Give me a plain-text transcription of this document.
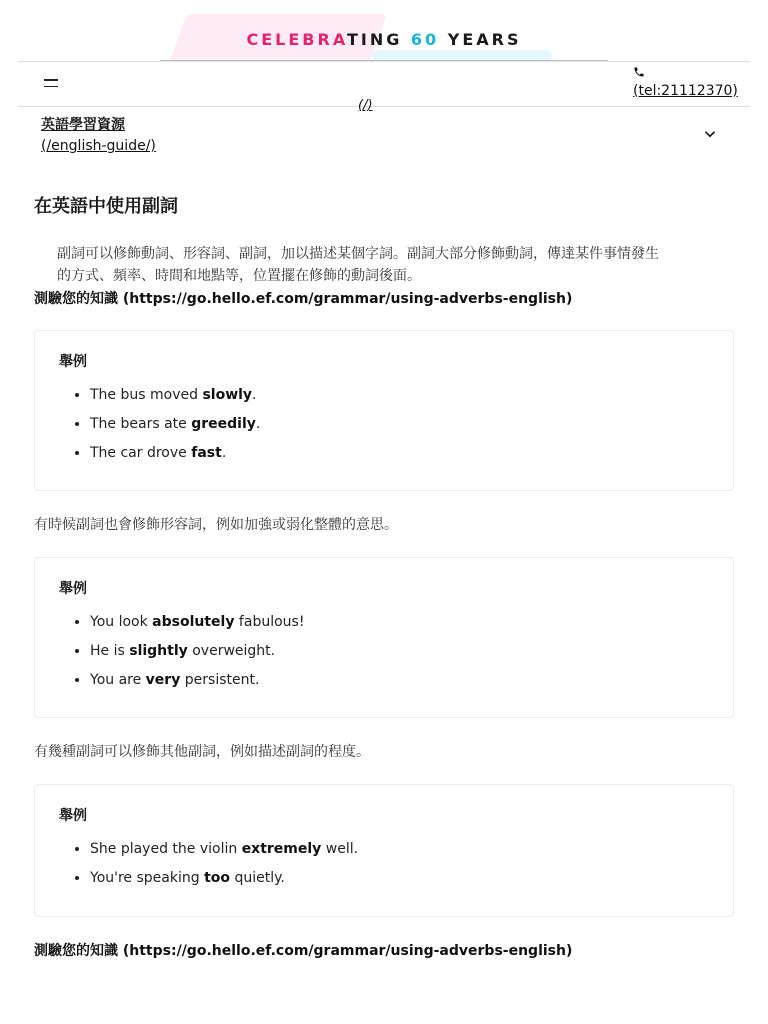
CELEBRATING 60 YEARS
(/)
(tel:21112370)
英語學習資源
(/english-guide/)
在英語中使用副詞

副詞可以修飾動詞、形容詞、副詞，加以描述某個字詞。副詞大部分修飾動詞，傳達某件事情發生的方式、頻率、時間和地點等，位置擺在修飾的動詞後面。

測驗您的知識 (https://go.hello.ef.com/grammar/using-adverbs-english)

舉例

• The bus moved slowly.
• The bears ate greedily.
• The car drove fast.

有時候副詞也會修飾形容詞，例如加強或弱化整體的意思。

舉例

• You look absolutely fabulous!
• He is slightly overweight.
• You are very persistent.

有幾種副詞可以修飾其他副詞，例如描述副詞的程度。

舉例

• She played the violin extremely well.
• You're speaking too quietly.
測驗您的知識 (https://go.hello.ef.com/grammar/using-adverbs-english)
